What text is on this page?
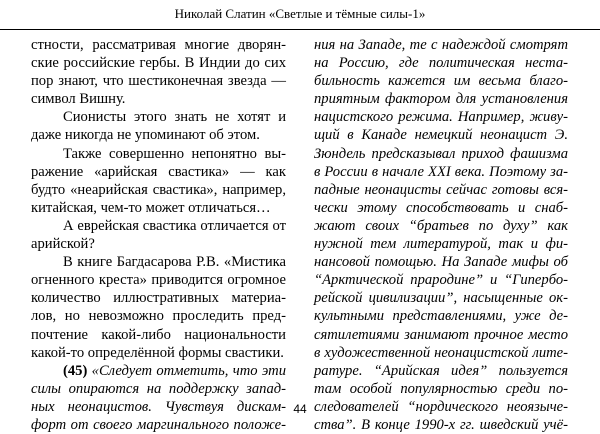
Николай Слатин «Светлые и тёмные силы-1»
стности, рассматривая многие дворян-
ские российские гербы. В Индии до сих
пор знают, что шестиконечная звезда —
символ Вишну.
Сионисты этого знать не хотят и
даже никогда не упоминают об этом.
Также совершенно непонятно вы-
ражение «арийская свастика» — как
будто «неарийская свастика», например,
китайская, чем-то может отличаться…
А еврейская свастика отличается от
арийской?
В книге Багдасарова Р.В. «Мистика
огненного креста» приводится огромное
количество иллюстративных материа-
лов, но невозможно проследить пред-
почтение какой-либо национальности
какой-то определённой формы свастики.
(45) «Следует отметить, что эти
силы опираются на поддержку запад-
ных неонацистов. Чувствуя дискам-
форт от своего маргинального положе-
ния на Западе, те с надеждой смотрят
на Россию, где политическая неста-
бильность кажется им весьма благо-
приятным фактором для установления
нацистского режима. Например, живу-
щий в Канаде немецкий неонацист Э.
Зюндель предсказывал приход фашизма
в России в начале XXI века. Поэтому за-
падные неонацисты сейчас готовы вся-
чески этому способствовать и снаб-
жают своих “братьев по духу” как
нужной тем литературой, так и фи-
нансовой помощью. На Западе мифы об
“Арктической прародине” и “Гипербо-
рейской цивилизации”, насыщенные ок-
культными представлениями, уже де-
сятилетиями занимают прочное место
в художественной неонацистской лите-
ратуре. “Арийская идея” пользуется
там особой популярностью среди по-
следователей “нордического неоязыче-
ства”. В конце 1990-х гг. шведский учё-
44
